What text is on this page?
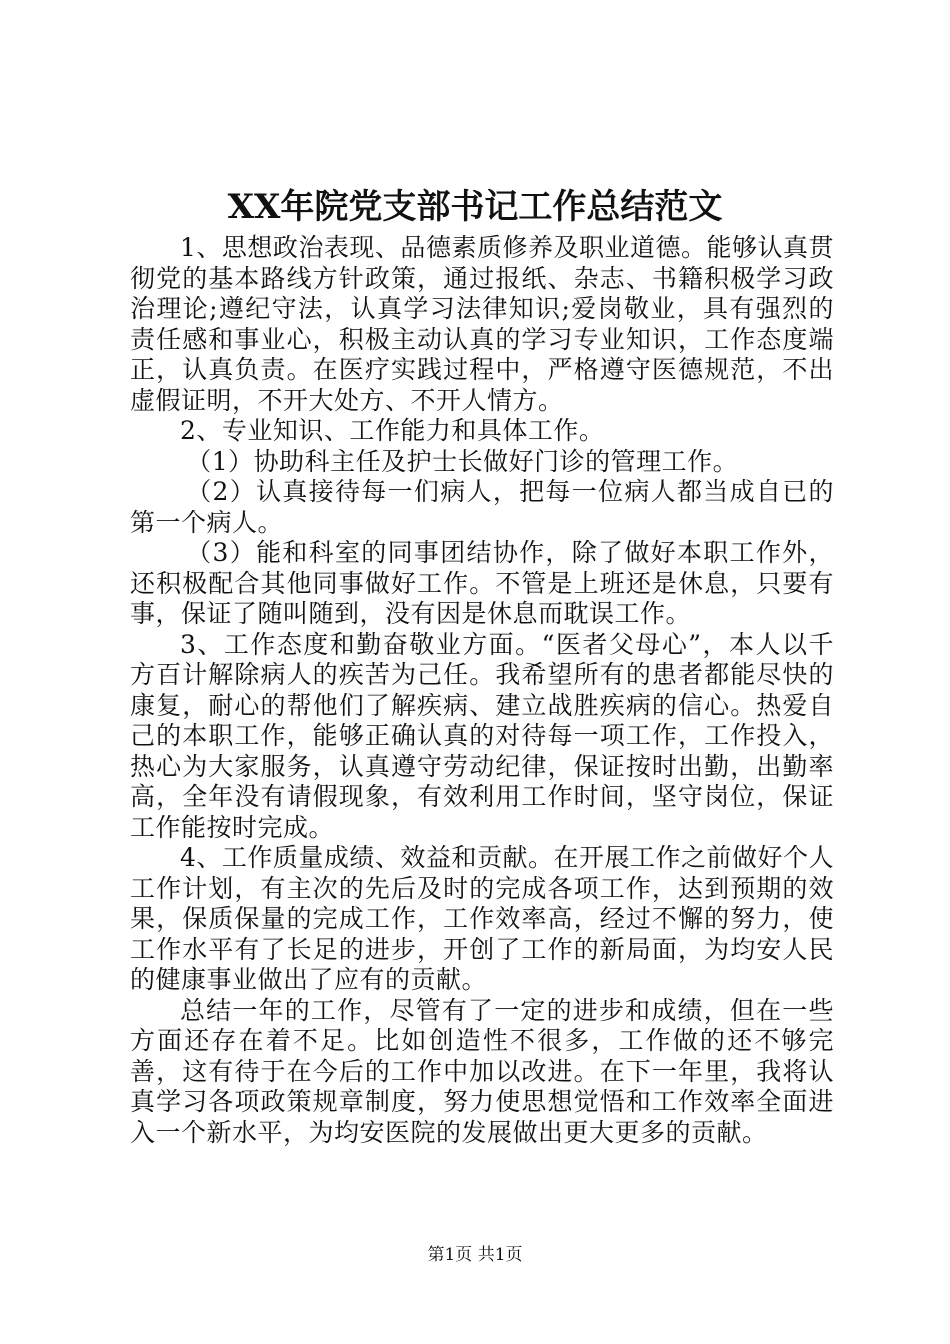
XX年院党支部书记工作总结范文

1、思想政治表现、品德素质修养及职业道德。能够认真贯彻党的基本路线方针政策，通过报纸、杂志、书籍积极学习政治理论;遵纪守法，认真学习法律知识;爱岗敬业，具有强烈的责任感和事业心，积极主动认真的学习专业知识，工作态度端正，认真负责。在医疗实践过程中，严格遵守医德规范，不出虚假证明，不开大处方、不开人情方。

2、专业知识、工作能力和具体工作。

（1）协助科主任及护士长做好门诊的管理工作。

（2）认真接待每一们病人，把每一位病人都当成自已的第一个病人。

（3）能和科室的同事团结协作，除了做好本职工作外，还积极配合其他同事做好工作。不管是上班还是休息，只要有事，保证了随叫随到，没有因是休息而耽误工作。

3、工作态度和勤奋敬业方面。“医者父母心”，本人以千方百计解除病人的疾苦为己任。我希望所有的患者都能尽快的康复，耐心的帮他们了解疾病、建立战胜疾病的信心。热爱自己的本职工作，能够正确认真的对待每一项工作，工作投入，热心为大家服务，认真遵守劳动纪律，保证按时出勤，出勤率高，全年没有请假现象，有效利用工作时间，坚守岗位，保证工作能按时完成。

4、工作质量成绩、效益和贡献。在开展工作之前做好个人工作计划，有主次的先后及时的完成各项工作，达到预期的效果，保质保量的完成工作，工作效率高，经过不懈的努力，使工作水平有了长足的进步，开创了工作的新局面，为均安人民的健康事业做出了应有的贡献。

总结一年的工作，尽管有了一定的进步和成绩，但在一些方面还存在着不足。比如创造性不很多，工作做的还不够完善，这有待于在今后的工作中加以改进。在下一年里，我将认真学习各项政策规章制度，努力使思想觉悟和工作效率全面进入一个新水平，为均安医院的发展做出更大更多的贡献。

第1页 共1页
